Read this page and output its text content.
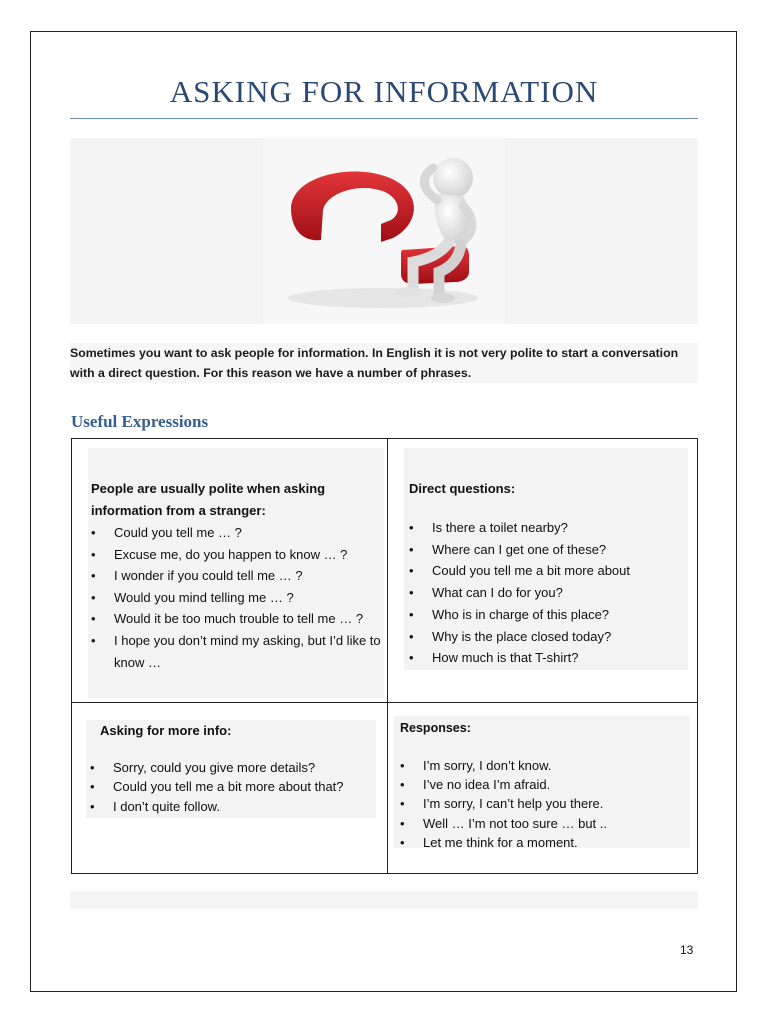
ASKING FOR INFORMATION
Sometimes you want to ask people for information. In English it is not very polite to start a conversation with a direct question. For this reason we have a number of phrases.
Useful Expressions

People are usually polite when asking information from a stranger:

• Could you tell me … ?
• Excuse me, do you happen to know … ?
• I wonder if you could tell me … ?
• Would you mind telling me … ?
• Would it be too much trouble to tell me … ?
• I hope you don’t mind my asking, but I’d like to know …

Direct questions:

• Is there a toilet nearby?
• Where can I get one of these?
• Could you tell me a bit more about
• What can I do for you?
• Who is in charge of this place?
• Why is the place closed today?
• How much is that T-shirt?

Asking for more info:

• Sorry, could you give more details?
• Could you tell me a bit more about that?
• I don’t quite follow.

Responses:

• I’m sorry, I don’t know.
• I’ve no idea I’m afraid.
• I’m sorry, I can’t help you there.
• Well … I’m not too sure … but ..
• Let me think for a moment.
13
